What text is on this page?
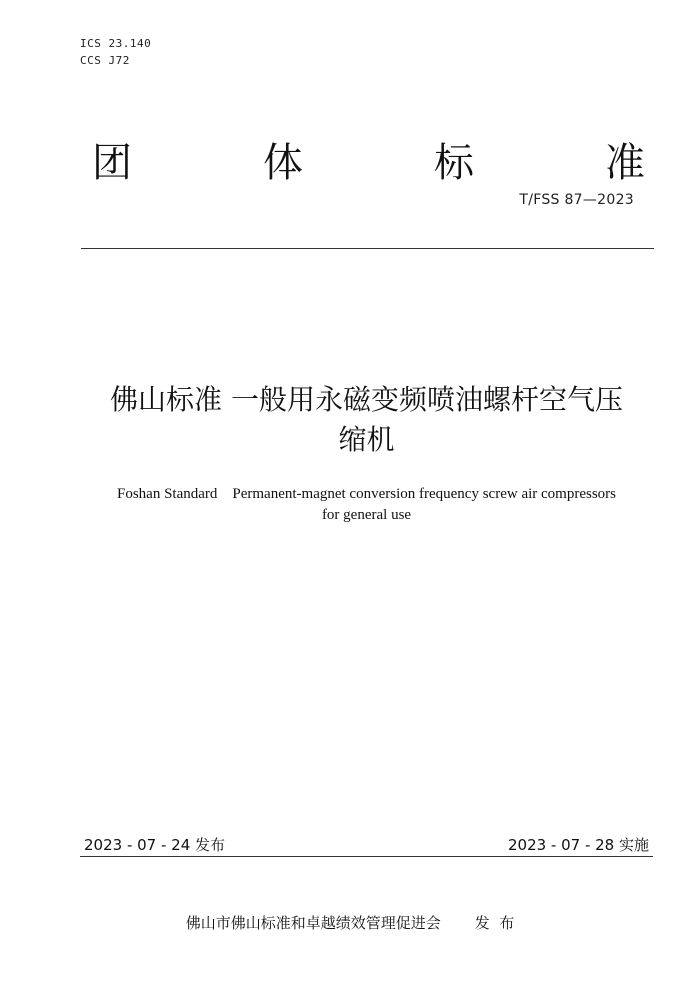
ICS 23.140
CCS J72
团	体	标	准
T/FSS 87—2023
佛山标准 一般用永磁变频喷油螺杆空气压
缩机
Foshan Standard    Permanent-magnet conversion frequency screw air compressors
for general use
2023 - 07 - 24 发布	2023 - 07 - 28 实施
佛山市佛山标准和卓越绩效管理促进会 发  布
